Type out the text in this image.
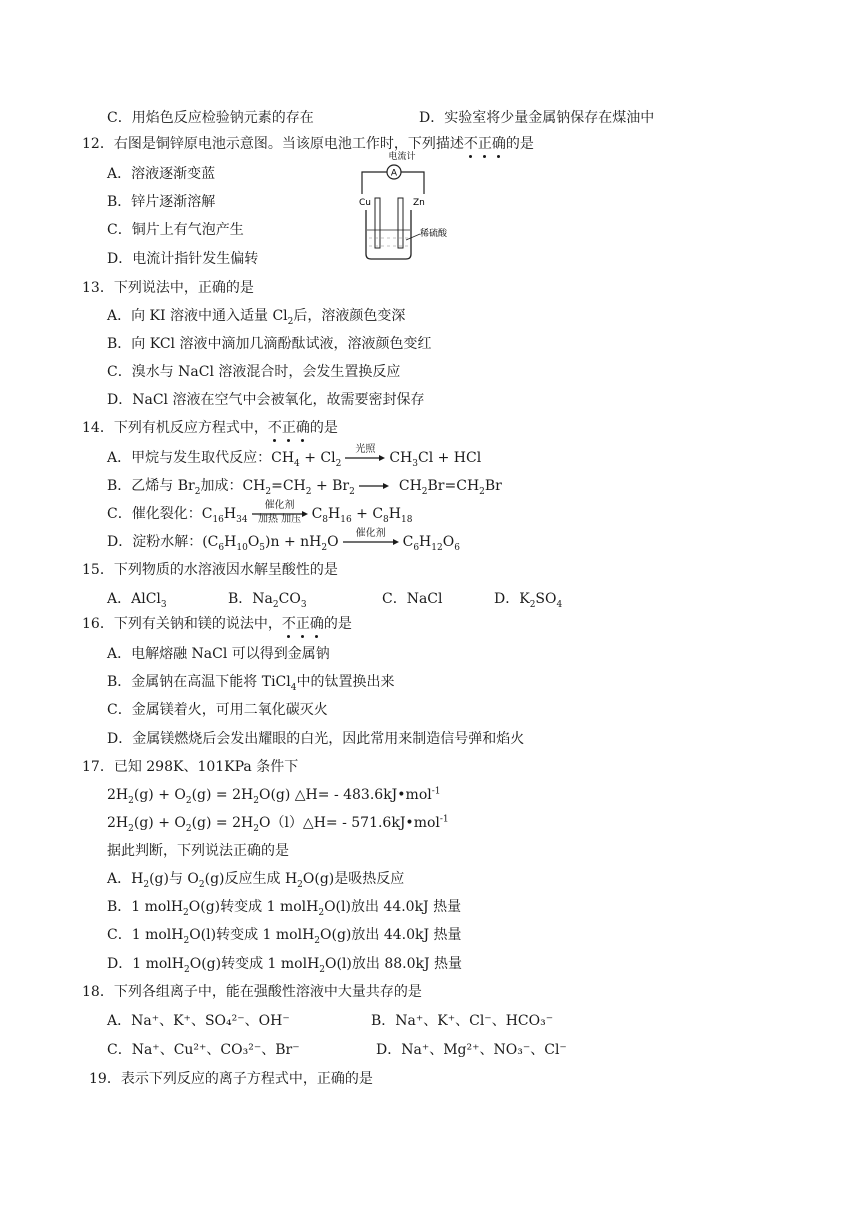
C．用焰色反应检验钠元素的存在	D．实验室将少量金属钠保存在煤油中
12．右图是铜锌原电池示意图。当该原电池工作时，下列描述不正确的是
A．溶液逐渐变蓝
B．锌片逐渐溶解
C．铜片上有气泡产生
D．电流计指针发生偏转
电流计
A
Cu	Zn
稀硫酸
13．下列说法中，正确的是
A．向 KI 溶液中通入适量 $Cl_2$后，溶液颜色变深
B．向 KCl 溶液中滴加几滴酚酞试液，溶液颜色变红
C．溴水与 NaCl 溶液混合时，会发生置换反应
D．NaCl 溶液在空气中会被氧化，故需要密封保存
14．下列有机反应方程式中，不正确的是
A．甲烷与发生取代反应：$CH_4 + Cl_2$
光照
$CH_3Cl$ + HCl
B．乙烯与 $Br_2$加成：$CH_2=CH_2 + Br_2 \to CH_2Br=CH_2Br$
C．催化裂化：$C_{16}H_{34}$
催化剂
加热 加压 $C_8H_{16} + C_8H_{18}$
D．淀粉水解：$(C_6H_{10}O_5)n + nH_2O$
催化剂
$C_6H_{12}O_6$
15．下列物质的水溶液因水解呈酸性的是
A．AlCl$_3$	B．$Na_2CO_3$	C．NaCl	D．$K_2SO_4$
16．下列有关钠和镁的说法中，不正确的是
A．电解熔融 NaCl 可以得到金属钠
B．金属钠在高温下能将 TiCl$_4$中的钛置换出来
C．金属镁着火，可用二氧化碳灭火
D．金属镁燃烧后会发出耀眼的白光，因此常用来制造信号弹和焰火
17．已知 298K、101KPa 条件下
$2H_2(g) + O_2(g) = 2H_2O(g)$ △H= - 483.6kJ•mol$^{-1}$
$2H_2(g) + O_2(g)$ = $2H_2O(l)\triangle H=$ - 571.6kJ•mol$^{-1}$
据此判断，下列说法正确的是
A．$H_2(g)$与 $O_2(g)$反应生成 $H_2O(g)$是吸热反应
B．1 molH$_2$O(g)转变成 1 molH$_2$O(l)放出 44.0kJ 热量
C．1 molH$_2$O(l)转变成 1 molH$_2$O(g)放出 44.0kJ 热量
D．1 molH$_2$O(g)转变成 1 molH$_2$O(l)放出 88.0kJ 热量
18．下列各组离子中，能在强酸性溶液中大量共存的是
A．Na⁺、K⁺、SO₄²⁻、OH⁻	B．Na⁺、K⁺、Cl⁻、HCO₃⁻
C．Na⁺、Cu²⁺、CO₃²⁻、Br⁻	D．Na⁺、Mg²⁺、NO₃⁻、Cl⁻
19．表示下列反应的离子方程式中，正确的是
